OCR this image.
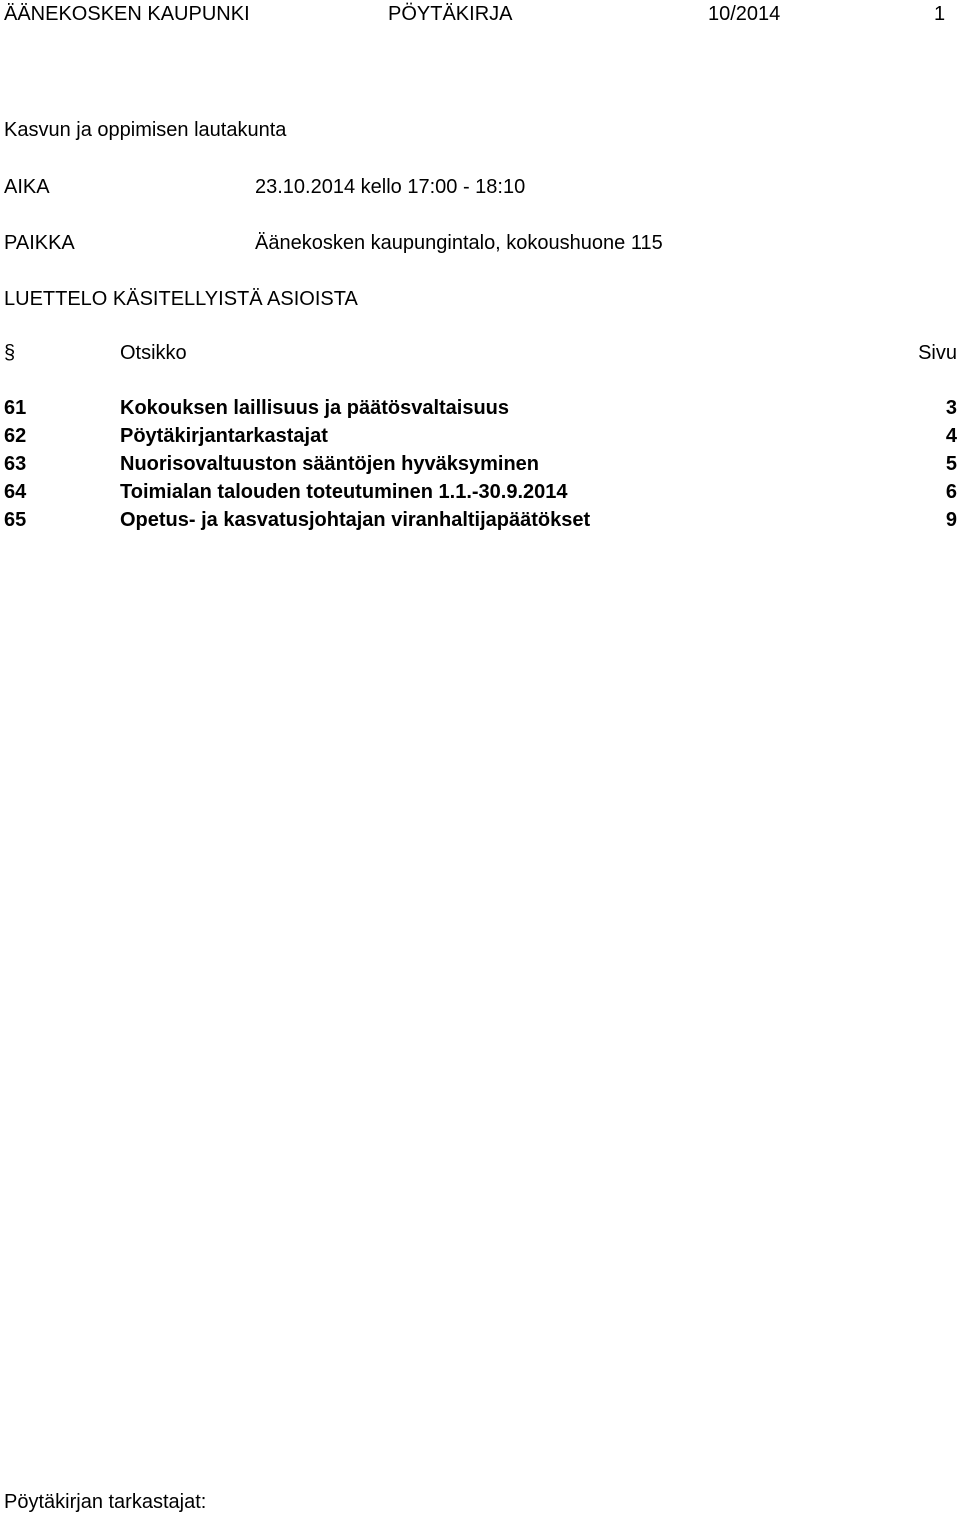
ÄÄNEKOSKEN KAUPUNKI	PÖYTÄKIRJA	10/2014	1
Kasvun ja oppimisen lautakunta
AIKA	23.10.2014 kello 17:00 - 18:10
PAIKKA	Äänekosken kaupungintalo, kokoushuone 115
LUETTELO KÄSITELLYISTÄ ASIOISTA
§	Otsikko	Sivu
61	Kokouksen laillisuus ja päätösvaltaisuus	3
62	Pöytäkirjantarkastajat	4
63	Nuorisovaltuuston sääntöjen hyväksyminen	5
64	Toimialan talouden toteutuminen 1.1.-30.9.2014	6
65	Opetus- ja kasvatusjohtajan viranhaltijapäätökset	9
Pöytäkirjan tarkastajat:
